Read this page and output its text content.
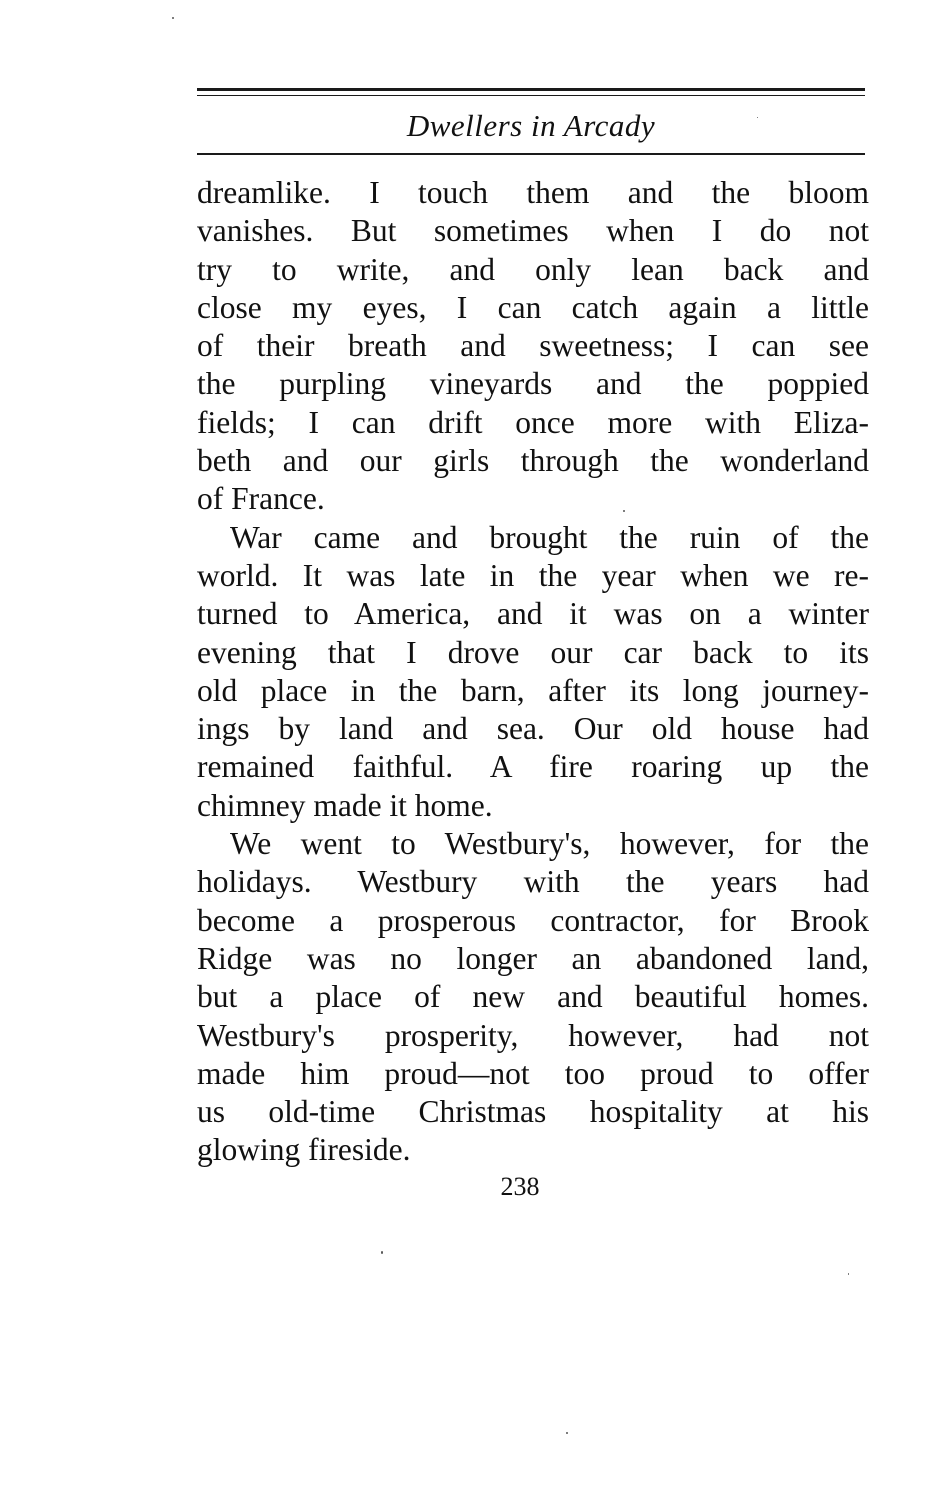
Dwellers in Arcady
dreamlike. I touch them and the bloom
vanishes. But sometimes when I do not
try to write, and only lean back and
close my eyes, I can catch again a little
of their breath and sweetness; I can see
the purpling vineyards and the poppied
fields; I can drift once more with Eliza-
beth and our girls through the wonderland
of France.
War came and brought the ruin of the
world. It was late in the year when we re-
turned to America, and it was on a winter
evening that I drove our car back to its
old place in the barn, after its long journey-
ings by land and sea. Our old house had
remained faithful. A fire roaring up the
chimney made it home.
We went to Westbury's, however, for the
holidays. Westbury with the years had
become a prosperous contractor, for Brook
Ridge was no longer an abandoned land,
but a place of new and beautiful homes.
Westbury's prosperity, however, had not
made him proud—not too proud to offer
us old-time Christmas hospitality at his
glowing fireside.
238
